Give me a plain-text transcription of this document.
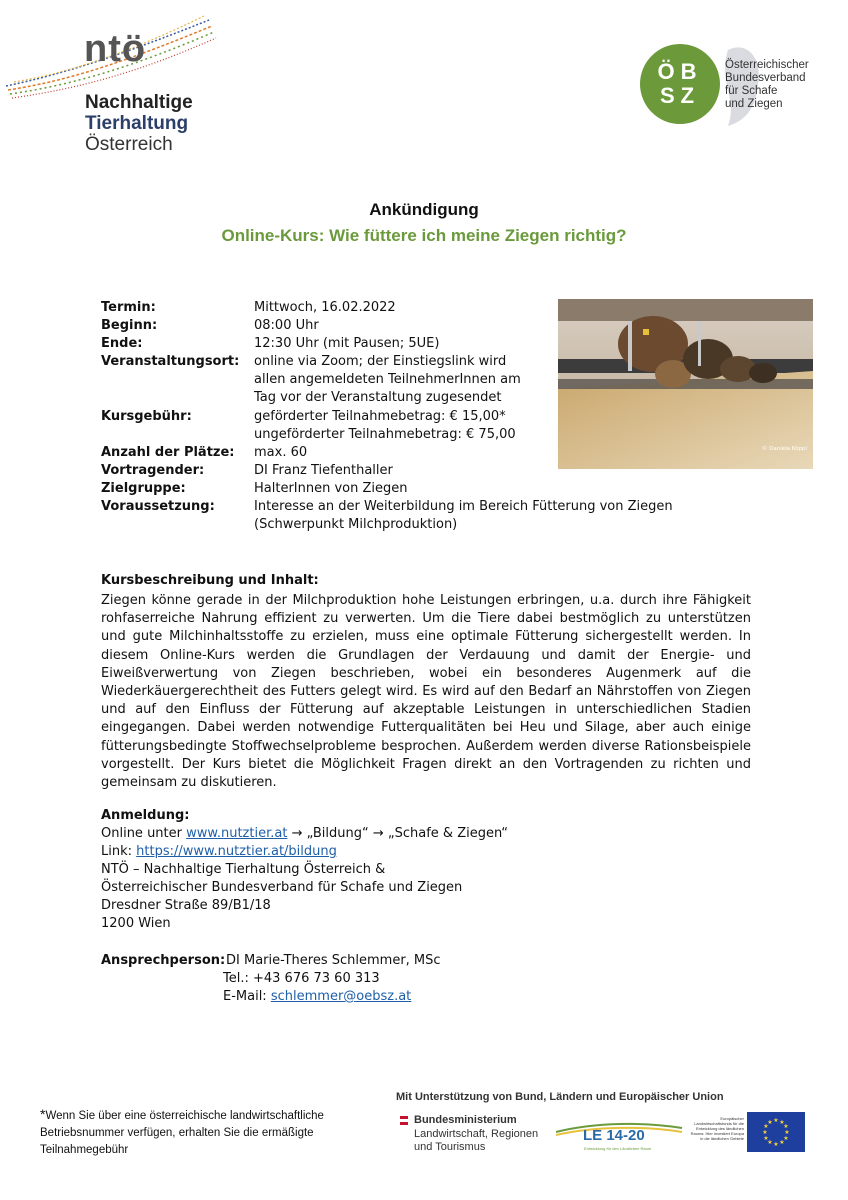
ntö
Nachhaltige
Tierhaltung
Österreich
ÖB
SZ
Österreichischer
Bundesverband
für Schafe
und Ziegen
Ankündigung
Online-Kurs: Wie füttere ich meine Ziegen richtig?
Termin:	Mittwoch, 16.02.2022
Beginn:	08:00 Uhr
Ende:	12:30 Uhr (mit Pausen; 5UE)
Veranstaltungsort: online via Zoom; der Einstiegslink wird
allen angemeldeten TeilnehmerInnen am
Tag vor der Veranstaltung zugesendet
Kursgebühr:	geförderter Teilnahmebetrag: € 15,00*
ungeförderter Teilnahmebetrag: € 75,00
Anzahl der Plätze: max. 60
Vortragender:	DI Franz Tiefenthaller
Zielgruppe:	HalterInnen von Ziegen
Voraussetzung:	Interesse an der Weiterbildung im Bereich Fütterung von Ziegen
(Schwerpunkt Milchproduktion)
© Daniela Köppl
Kursbeschreibung und Inhalt:
Ziegen könne gerade in der Milchproduktion hohe Leistungen erbringen, u.a. durch ihre Fähigkeit rohfaserreiche Nahrung effizient zu verwerten. Um die Tiere dabei bestmöglich zu unterstützen und gute Milchinhaltsstoffe zu erzielen, muss eine optimale Fütterung sichergestellt werden. In diesem Online-Kurs werden die Grundlagen der Verdauung und damit der Energie- und Eiweißverwertung von Ziegen beschrieben, wobei ein besonderes Augenmerk auf die Wiederkäuergerechtheit des Futters gelegt wird. Es wird auf den Bedarf an Nährstoffen von Ziegen und auf den Einfluss der Fütterung auf akzeptable Leistungen in unterschiedlichen Stadien eingegangen. Dabei werden notwendige Futterqualitäten bei Heu und Silage, aber auch einige fütterungsbedingte Stoffwechselprobleme besprochen. Außerdem werden diverse Rationsbeispiele vorgestellt. Der Kurs bietet die Möglichkeit Fragen direkt an den Vortragenden zu richten und gemeinsam zu diskutieren.
Anmeldung:
Online unter www.nutztier.at → „Bildung“ → „Schafe & Ziegen“
Link: https://www.nutztier.at/bildung
NTÖ – Nachhaltige Tierhaltung Österreich &
Österreichischer Bundesverband für Schafe und Ziegen
Dresdner Straße 89/B1/18
1200 Wien
Ansprechperson: DI Marie-Theres Schlemmer, MSc
Tel.: +43 676 73 60 313
E-Mail: schlemmer@oebsz.at
*Wenn Sie über eine österreichische landwirtschaftliche Betriebsnummer verfügen, erhalten Sie die ermäßigte Teilnahmegebühr
Mit Unterstützung von Bund, Ländern und Europäischer Union
Bundesministerium
Landwirtschaft, Regionen
und Tourismus
LE 14-20
Entwicklung für den Ländlichen Raum
Europäischer Landwirtschaftsfonds für die Entwicklung des ländlichen Raums: Hier investiert Europa in die ländlichen Gebiete
★ ★
★
★
★
★
★
★
★
★
★
★
